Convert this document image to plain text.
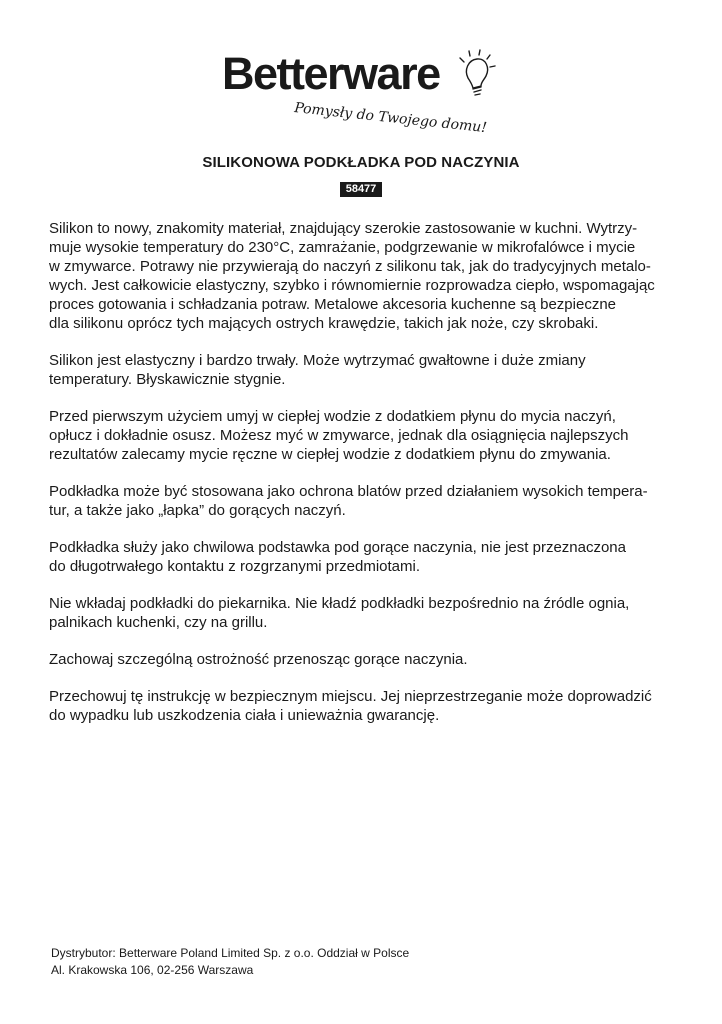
Betterware
Pomysły do Twojego domu!
SILIKONOWA PODKŁADKA POD NACZYNIA
58477

Silikon to nowy, znakomity materiał, znajdujący szerokie zastosowanie w kuchni. Wytrzy-
muje wysokie temperatury do 230°C, zamrażanie, podgrzewanie w mikrofalówce i mycie
w zmywarce. Potrawy nie przywierają do naczyń z silikonu tak, jak do tradycyjnych metalo-
wych. Jest całkowicie elastyczny, szybko i równomiernie rozprowadza ciepło, wspomagając
proces gotowania i schładzania potraw. Metalowe akcesoria kuchenne są bezpieczne
dla silikonu oprócz tych mających ostrych krawędzie, takich jak noże, czy skrobaki.

Silikon jest elastyczny i bardzo trwały. Może wytrzymać gwałtowne i duże zmiany
temperatury. Błyskawicznie stygnie.

Przed pierwszym użyciem umyj w ciepłej wodzie z dodatkiem płynu do mycia naczyń,
opłucz i dokładnie osusz. Możesz myć w zmywarce, jednak dla osiągnięcia najlepszych
rezultatów zalecamy mycie ręczne w ciepłej wodzie z dodatkiem płynu do zmywania.

Podkładka może być stosowana jako ochrona blatów przed działaniem wysokich tempera-
tur, a także jako „łapka” do gorących naczyń.

Podkładka służy jako chwilowa podstawka pod gorące naczynia, nie jest przeznaczona
do długotrwałego kontaktu z rozgrzanymi przedmiotami.

Nie wkładaj podkładki do piekarnika. Nie kładź podkładki bezpośrednio na źródle ognia,
palnikach kuchenki, czy na grillu.

Zachowaj szczególną ostrożność przenosząc gorące naczynia.

Przechowuj tę instrukcję w bezpiecznym miejscu. Jej nieprzestrzeganie może doprowadzić
do wypadku lub uszkodzenia ciała i unieważnia gwarancję.

Dystrybutor: Betterware Poland Limited Sp. z o.o. Oddział w Polsce
Al. Krakowska 106, 02-256 Warszawa
